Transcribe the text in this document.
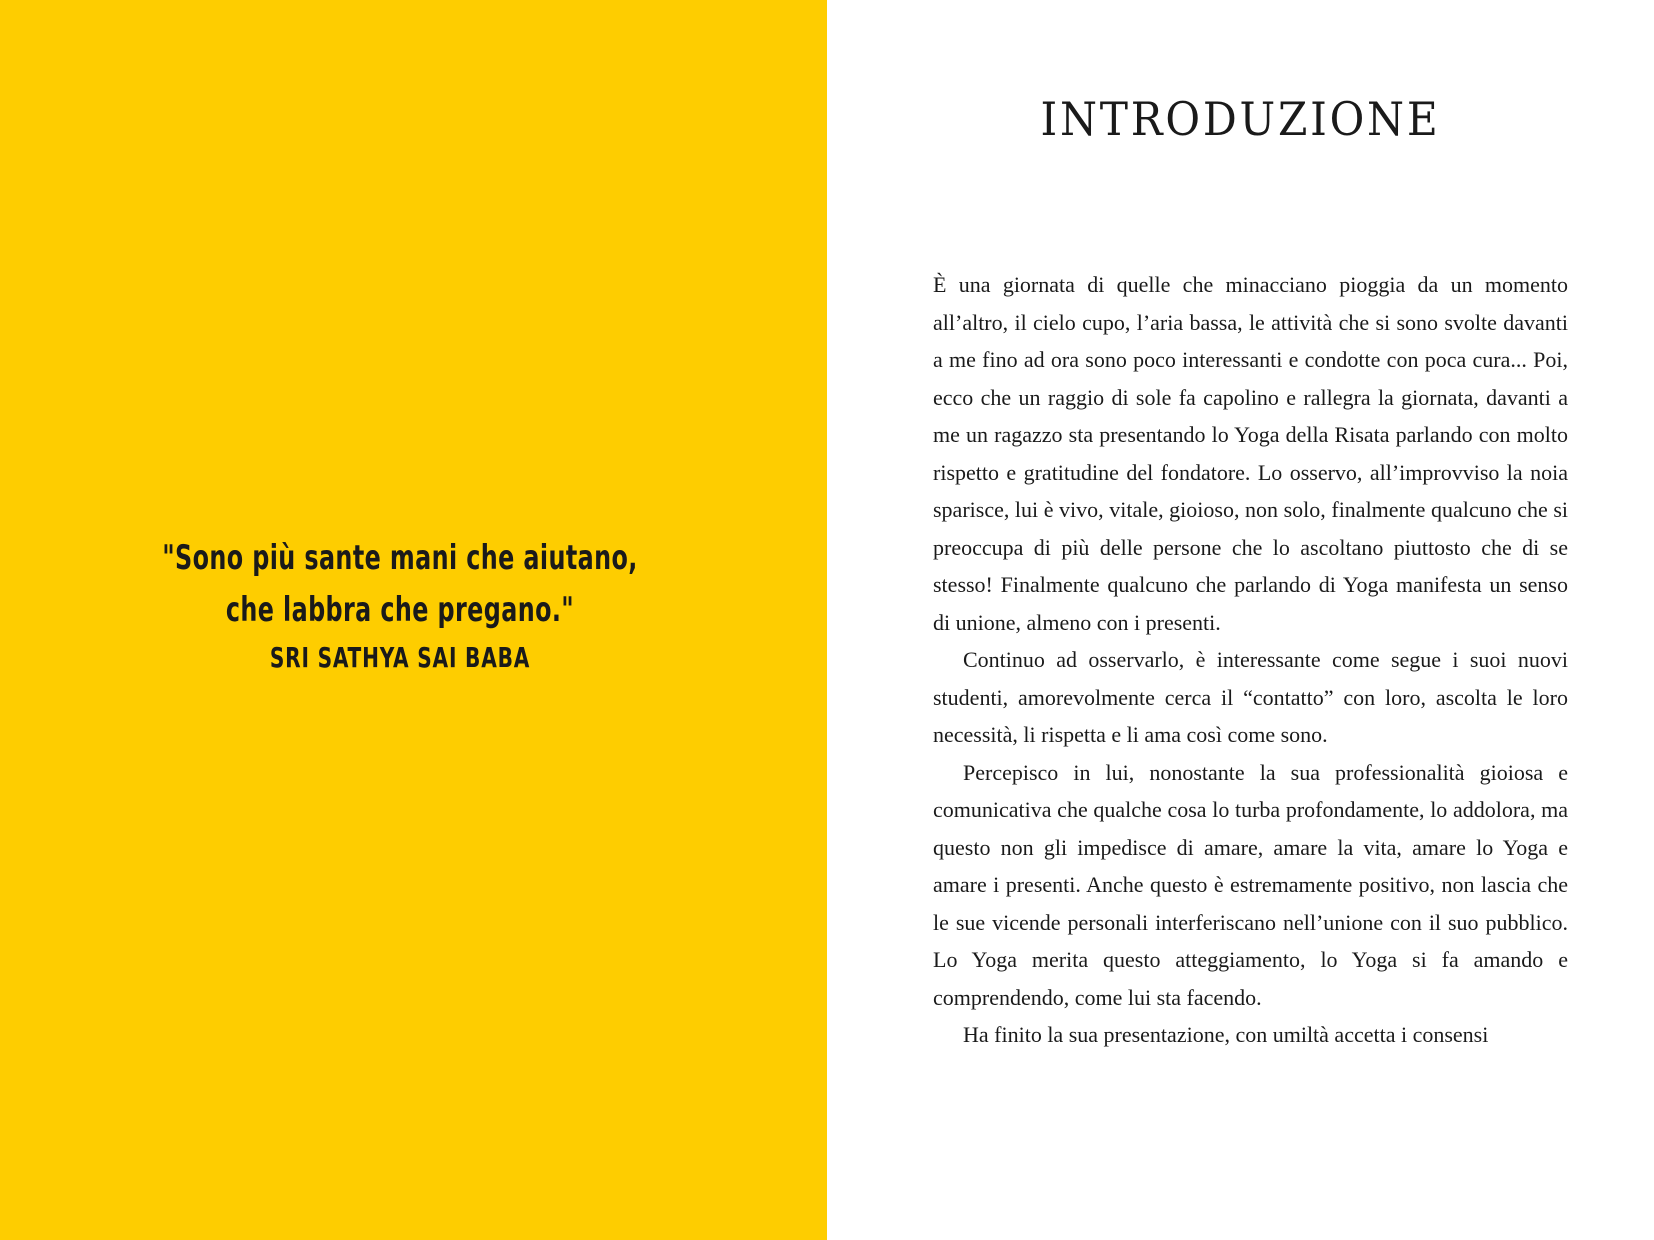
"Sono più sante mani che aiutano,
che labbra che pregano."
SRI SATHYA SAI BABA
INTRODUZIONE

È una giornata di quelle che minacciano pioggia da un momento all’altro, il cielo cupo, l’aria bassa, le attività che si sono svolte davanti a me fino ad ora sono poco interessanti e condotte con poca cura... Poi, ecco che un raggio di sole fa capolino e rallegra la giornata, davanti a me un ragazzo sta presentando lo Yoga della Risata parlando con molto rispetto e gratitudine del fondatore. Lo osservo, all’improvviso la noia sparisce, lui è vivo, vitale, gioioso, non solo, finalmente qualcuno che si preoccupa di più delle persone che lo ascoltano piuttosto che di se stesso! Finalmente qualcuno che parlando di Yoga manifesta un senso di unione, almeno con i presenti.

Continuo ad osservarlo, è interessante come segue i suoi nuovi studenti, amorevolmente cerca il “contatto” con loro, ascolta le loro necessità, li rispetta e li ama così come sono.

Percepisco in lui, nonostante la sua professionalità gioiosa e comunicativa che qualche cosa lo turba profondamente, lo addolora, ma questo non gli impedisce di amare, amare la vita, amare lo Yoga e amare i presenti. Anche questo è estremamente positivo, non lascia che le sue vicende personali interferiscano nell’unione con il suo pubblico. Lo Yoga merita questo atteggiamento, lo Yoga si fa amando e comprendendo, come lui sta facendo.

Ha finito la sua presentazione, con umiltà accetta i consensi
